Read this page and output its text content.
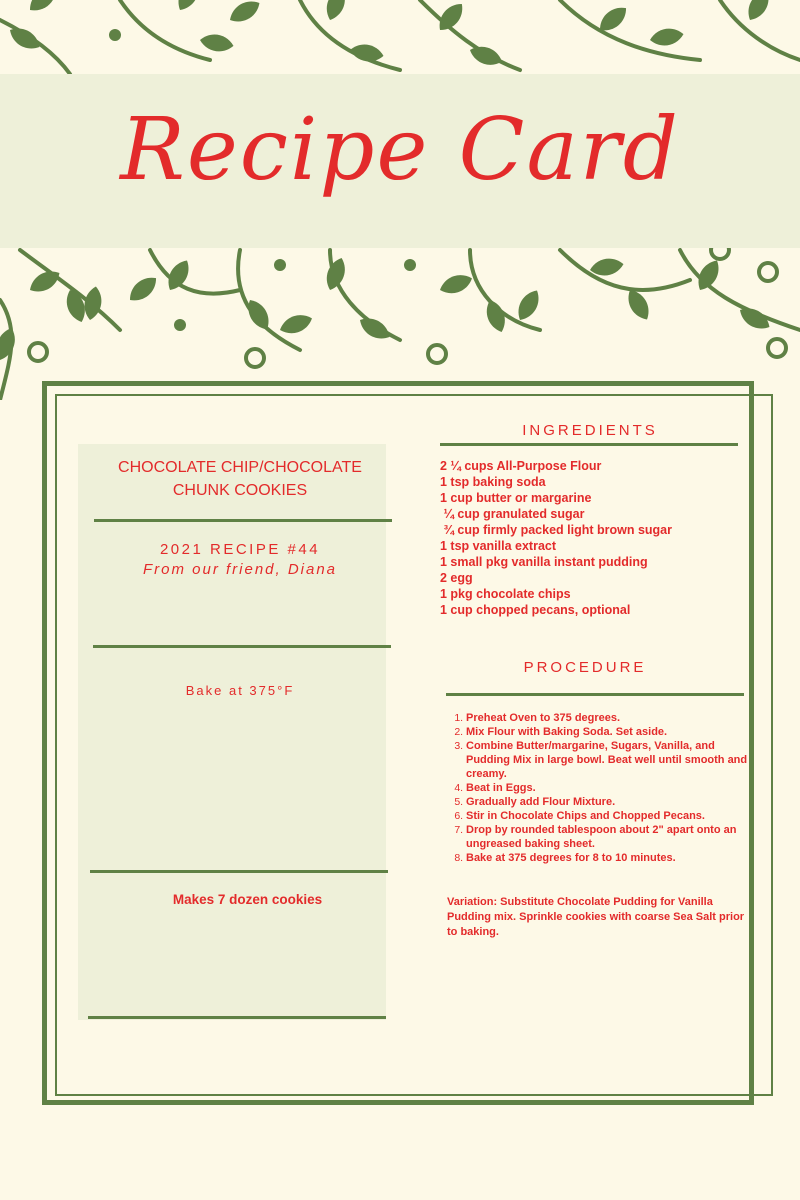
Recipe Card
CHOCOLATE CHIP/CHOCOLATE CHUNK COOKIES
2021 RECIPE #44
From our friend, Diana
Bake at 375°F
Makes 7 dozen cookies
INGREDIENTS
2 ¼ cups All-Purpose Flour
1 tsp baking soda
1 cup butter or margarine
¼ cup granulated sugar
¾ cup firmly packed light brown sugar
1 tsp vanilla extract
1 small pkg vanilla instant pudding
2 egg
1 pkg chocolate chips
1 cup chopped pecans, optional
PROCEDURE
1. Preheat Oven to 375 degrees.
2. Mix Flour with Baking Soda. Set aside.
3. Combine Butter/margarine, Sugars, Vanilla, and Pudding Mix in large bowl. Beat well until smooth and creamy.
4. Beat in Eggs.
5. Gradually add Flour Mixture.
6. Stir in Chocolate Chips and Chopped Pecans.
7. Drop by rounded tablespoon about 2" apart onto an ungreased baking sheet.
8. Bake at 375 degrees for 8 to 10 minutes.
Variation: Substitute Chocolate Pudding for Vanilla Pudding mix. Sprinkle cookies with coarse Sea Salt prior to baking.
